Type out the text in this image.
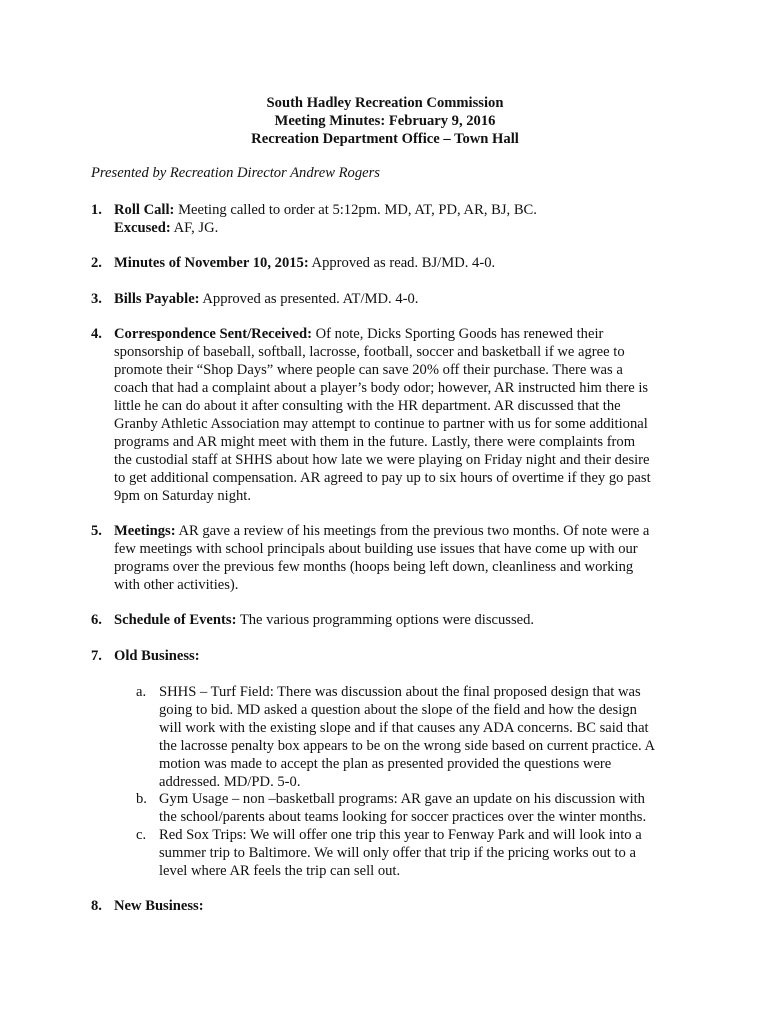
South Hadley Recreation Commission
Meeting Minutes: February 9, 2016
Recreation Department Office – Town Hall
Presented by Recreation Director Andrew Rogers
1. Roll Call: Meeting called to order at 5:12pm. MD, AT, PD, AR, BJ, BC.
Excused: AF, JG.
2. Minutes of November 10, 2015: Approved as read. BJ/MD. 4-0.
3. Bills Payable: Approved as presented. AT/MD. 4-0.
4. Correspondence Sent/Received: Of note, Dicks Sporting Goods has renewed their
sponsorship of baseball, softball, lacrosse, football, soccer and basketball if we agree to
promote their “Shop Days” where people can save 20% off their purchase. There was a
coach that had a complaint about a player’s body odor; however, AR instructed him there is
little he can do about it after consulting with the HR department. AR discussed that the
Granby Athletic Association may attempt to continue to partner with us for some additional
programs and AR might meet with them in the future. Lastly, there were complaints from
the custodial staff at SHHS about how late we were playing on Friday night and their desire
to get additional compensation. AR agreed to pay up to six hours of overtime if they go past
9pm on Saturday night.
5. Meetings: AR gave a review of his meetings from the previous two months. Of note were a
few meetings with school principals about building use issues that have come up with our
programs over the previous few months (hoops being left down, cleanliness and working
with other activities).
6. Schedule of Events: The various programming options were discussed.
7. Old Business:
a. SHHS – Turf Field: There was discussion about the final proposed design that was
going to bid. MD asked a question about the slope of the field and how the design
will work with the existing slope and if that causes any ADA concerns. BC said that
the lacrosse penalty box appears to be on the wrong side based on current practice. A
motion was made to accept the plan as presented provided the questions were
addressed. MD/PD. 5-0.
b. Gym Usage – non –basketball programs: AR gave an update on his discussion with
the school/parents about teams looking for soccer practices over the winter months.
c. Red Sox Trips: We will offer one trip this year to Fenway Park and will look into a
summer trip to Baltimore. We will only offer that trip if the pricing works out to a
level where AR feels the trip can sell out.
8. New Business:
